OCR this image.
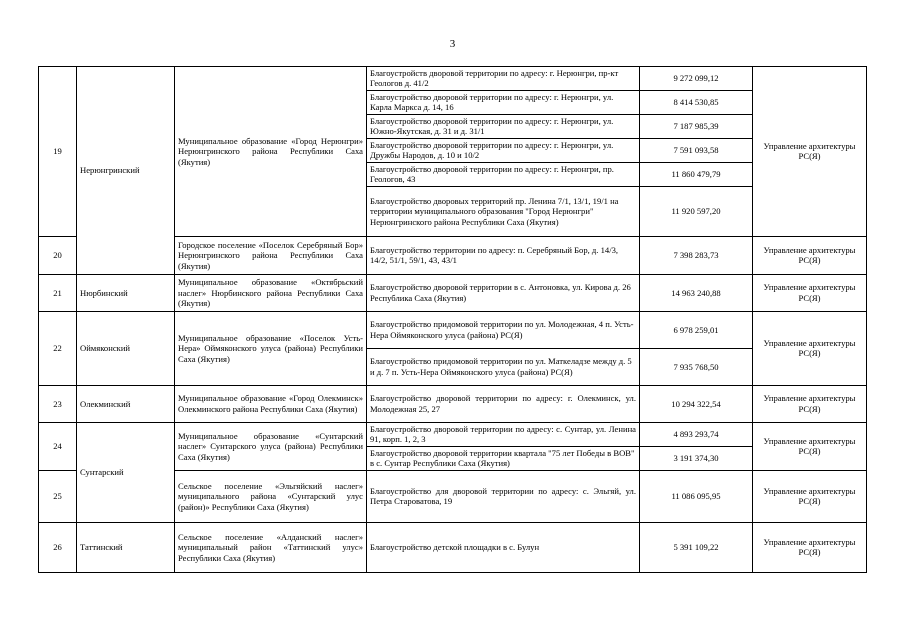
3
19	Нерюнгринский	Муниципальное образование «Город Нерюнгри» Нерюнгринского района Республики Саха (Якутия)	Благоустройств дворовой территории по адресу: г. Нерюнгри, пр-кт Геологов д. 41/2	9 272 099,12	Управление архитектуры РС(Я)
			Благоустройство дворовой территории по адресу: г. Нерюнгри, ул. Карла Маркса д. 14, 16	8 414 530,85	
			Благоустройство дворовой территории по адресу: г. Нерюнгри, ул. Южно-Якутская, д. 31 и д. 31/1	7 187 985,39	
			Благоустройство дворовой территории по адресу: г. Нерюнгри, ул. Дружбы Народов, д. 10 и 10/2	7 591 093,58	
			Благоустройство дворовой территории по адресу: г. Нерюнгри, пр. Геологов, 43	11 860 479,79	
			Благоустройство дворовых территорий пр. Ленина 7/1, 13/1, 19/1 на территории муниципального образования "Город Нерюнгри" Нерюнгринского района Республики Саха (Якутия)	11 920 597,20	
20		Городское поселение «Поселок Серебряный Бор» Нерюнгринского района Республики Саха (Якутия)	Благоустройство территории по адресу: п. Серебряный Бор, д. 14/3, 14/2, 51/1, 59/1, 43, 43/1	7 398 283,73	Управление архитектуры РС(Я)
21	Нюрбинский	Муниципальное образование «Октябрьский наслег» Нюрбинского района Республики Саха (Якутия)	Благоустройство дворовой территории в с. Антоновка, ул. Кирова д. 26 Республика Саха (Якутия)	14 963 240,88	Управление архитектуры РС(Я)
22	Оймяконский	Муниципальное образование «Поселок Усть-Нера» Оймяконского улуса (района) Республики Саха (Якутия)	Благоустройство придомовой территории по ул. Молодежная, 4 п. Усть-Нера Оймяконского улуса (района) РС(Я)	6 978 259,01	Управление архитектуры РС(Я)
			Благоустройство придомовой территории по ул. Маткеладзе между д. 5 и д. 7 п. Усть-Нера Оймяконского улуса (района) РС(Я)	7 935 768,50	
23	Олекминский	Муниципальное образование «Город Олекминск» Олекминского района Республики Саха (Якутия)	Благоустройство дворовой территории по адресу: г. Олекминск, ул. Молодежная 25, 27	10 294 322,54	Управление архитектуры РС(Я)
24	Сунтарский	Муниципальное образование «Сунтарский наслег» Сунтарского улуса (района) Республики Саха (Якутия)	Благоустройство дворовой территории по адресу: с. Сунтар, ул. Ленина 91, корп. 1, 2, 3	4 893 293,74	Управление архитектуры РС(Я)
			Благоустройство дворовой территории квартала "75 лет Победы в ВОВ" в с. Сунтар Республики Саха (Якутия)	3 191 374,30	
25		Сельское поселение «Эльгяйский наслег» муниципального района «Сунтарский улус (район)» Республики Саха (Якутия)	Благоустройство для дворовой территории по адресу: с. Эльгяй, ул. Петра Староватова, 19	11 086 095,95	Управление архитектуры РС(Я)
26	Таттинский	Сельское поселение «Алданский наслег» муниципальный район «Таттинский улус» Республики Саха (Якутия)	Благоустройство детской площадки в с. Булун	5 391 109,22	Управление архитектуры РС(Я)
